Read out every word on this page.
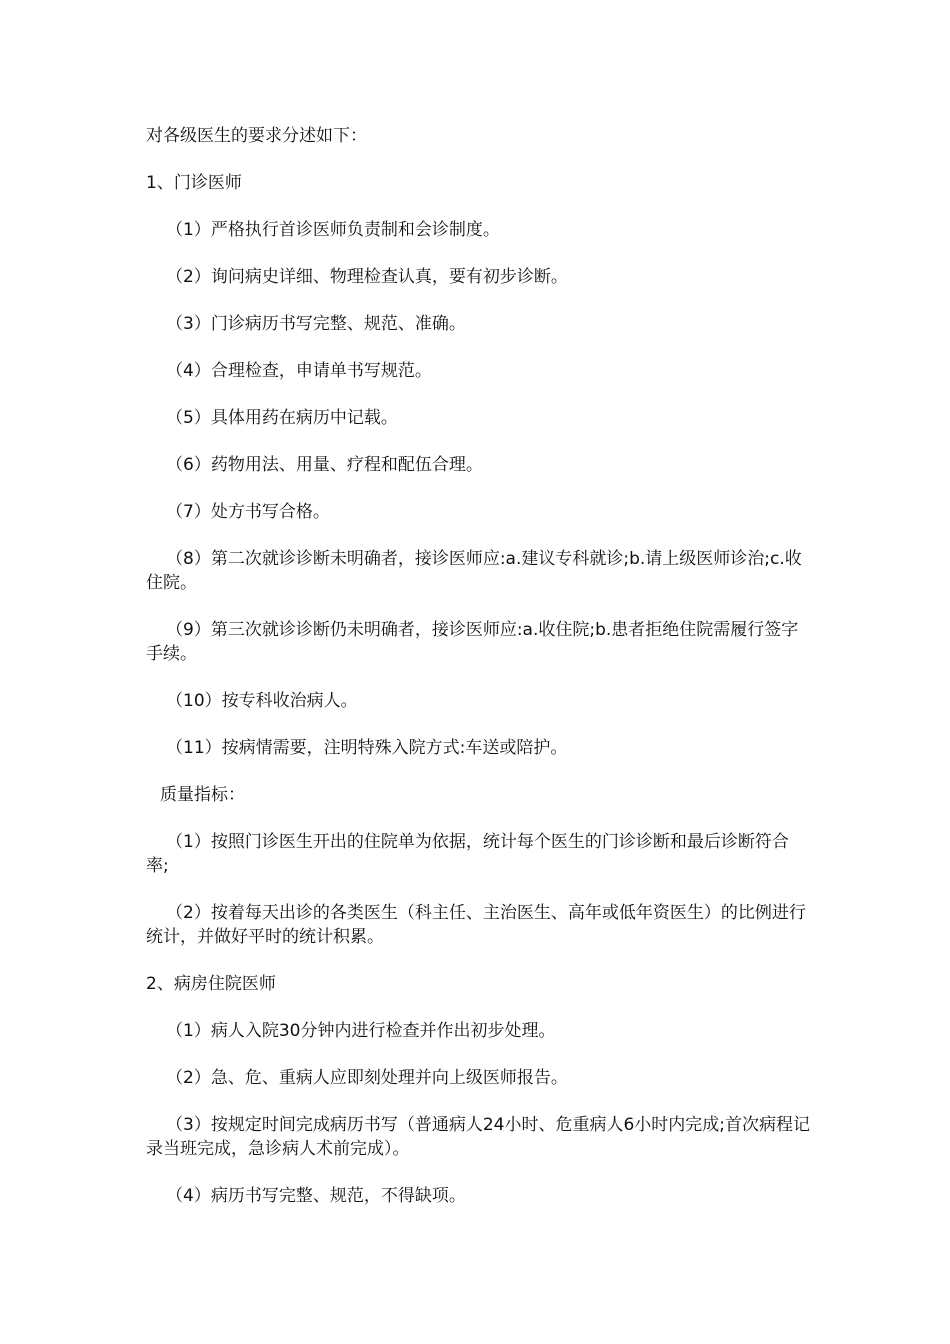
对各级医生的要求分述如下：

1、门诊医师

（1）严格执行首诊医师负责制和会诊制度。

（2）询问病史详细、物理检查认真，要有初步诊断。

（3）门诊病历书写完整、规范、准确。

（4）合理检查，申请单书写规范。

（5）具体用药在病历中记载。

（6）药物用法、用量、疗程和配伍合理。

（7）处方书写合格。

（8）第二次就诊诊断未明确者，接诊医师应:a.建议专科就诊;b.请上级医师诊治;c.收住院。

（9）第三次就诊诊断仍未明确者，接诊医师应:a.收住院;b.患者拒绝住院需履行签字手续。

（10）按专科收治病人。

（11）按病情需要，注明特殊入院方式:车送或陪护。

质量指标：

（1）按照门诊医生开出的住院单为依据，统计每个医生的门诊诊断和最后诊断符合率;

（2）按着每天出诊的各类医生（科主任、主治医生、高年或低年资医生）的比例进行统计，并做好平时的统计积累。

2、病房住院医师

（1）病人入院30分钟内进行检查并作出初步处理。

（2）急、危、重病人应即刻处理并向上级医师报告。

（3）按规定时间完成病历书写（普通病人24小时、危重病人6小时内完成;首次病程记录当班完成，急诊病人术前完成）。

（4）病历书写完整、规范，不得缺项。
